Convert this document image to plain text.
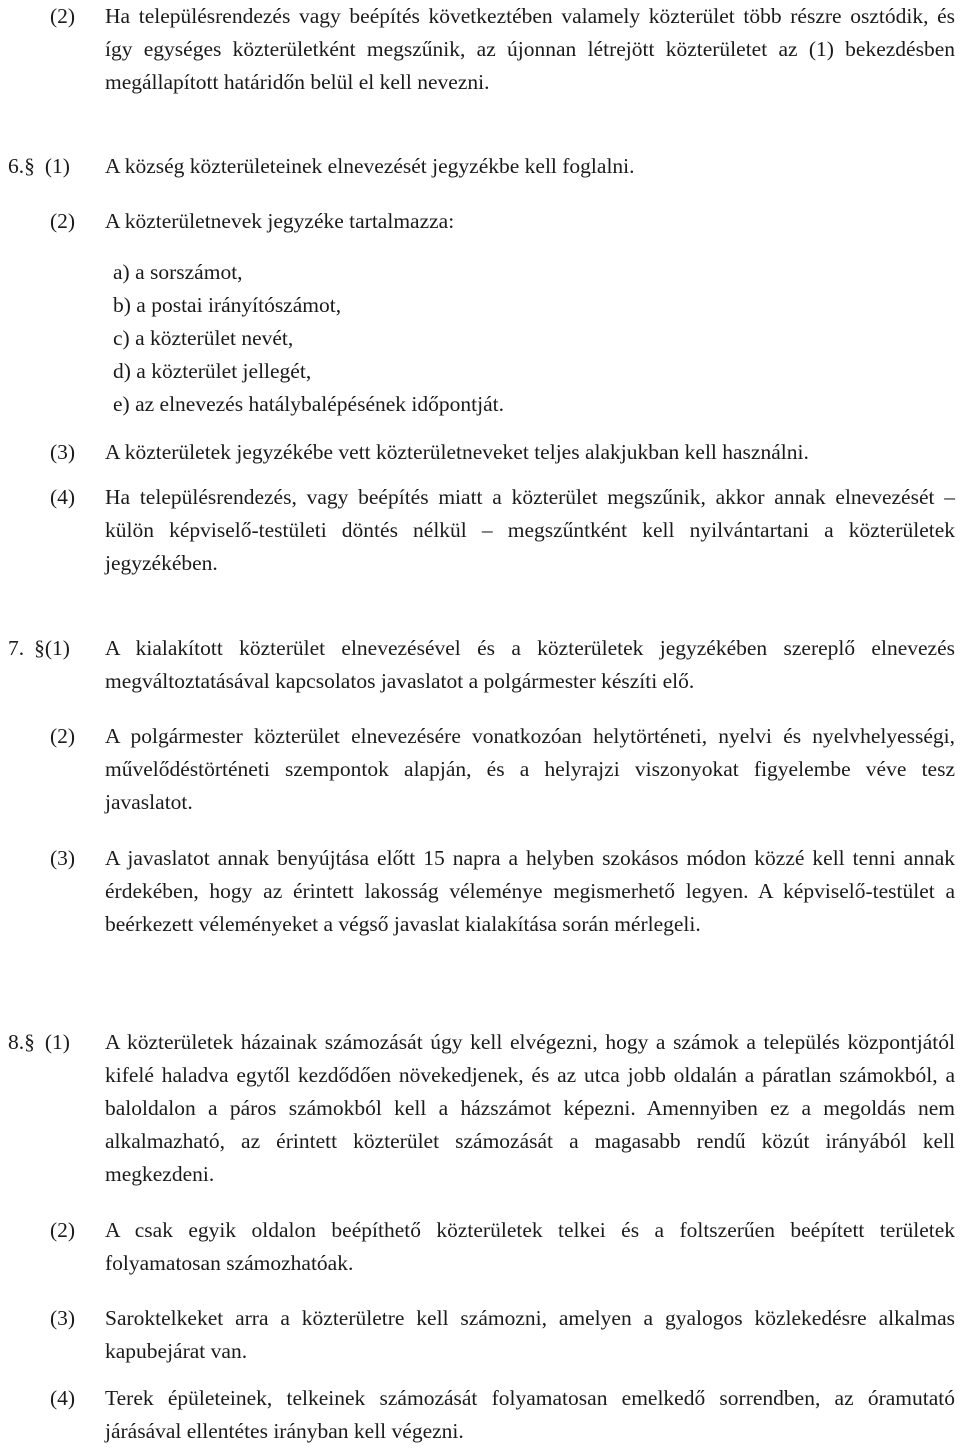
(2) Ha településrendezés vagy beépítés következtében valamely közterület több részre osztódik, és így egységes közterületként megszűnik, az újonnan létrejött közterületet az (1) bekezdésben megállapított határidőn belül el kell nevezni.
6.§ (1) A község közterületeinek elnevezését jegyzékbe kell foglalni.
(2) A közterületnevek jegyzéke tartalmazza:
a) a sorszámot,
b) a postai irányítószámot,
c) a közterület nevét,
d) a közterület jellegét,
e) az elnevezés hatálybalépésének időpontját.
(3) A közterületek jegyzékébe vett közterületneveket teljes alakjukban kell használni.
(4) Ha településrendezés, vagy beépítés miatt a közterület megszűnik, akkor annak elnevezését – külön képviselő-testületi döntés nélkül – megszűntként kell nyilvántartani a közterületek jegyzékében.
7. §(1) A kialakított közterület elnevezésével és a közterületek jegyzékében szereplő elnevezés megváltoztatásával kapcsolatos javaslatot a polgármester készíti elő.
(2) A polgármester közterület elnevezésére vonatkozóan helytörténeti, nyelvi és nyelvhelyességi, művelődéstörténeti szempontok alapján, és a helyrajzi viszonyokat figyelembe véve tesz javaslatot.
(3) A javaslatot annak benyújtása előtt 15 napra a helyben szokásos módon közzé kell tenni annak érdekében, hogy az érintett lakosság véleménye megismerhető legyen. A képviselő-testület a beérkezett véleményeket a végső javaslat kialakítása során mérlegeli.
8.§ (1) A közterületek házainak számozását úgy kell elvégezni, hogy a számok a település központjától kifelé haladva egytől kezdődően növekedjenek, és az utca jobb oldalán a páratlan számokból, a baloldalon a páros számokból kell a házszámot képezni. Amennyiben ez a megoldás nem alkalmazható, az érintett közterület számozását a magasabb rendű közút irányából kell megkezdeni.
(2) A csak egyik oldalon beépíthető közterületek telkei és a foltszerűen beépített területek folyamatosan számozhatóak.
(3) Saroktelkeket arra a közterületre kell számozni, amelyen a gyalogos közlekedésre alkalmas kapubejárat van.
(4) Terek épületeinek, telkeinek számozását folyamatosan emelkedő sorrendben, az óramutató járásával ellentétes irányban kell végezni.
